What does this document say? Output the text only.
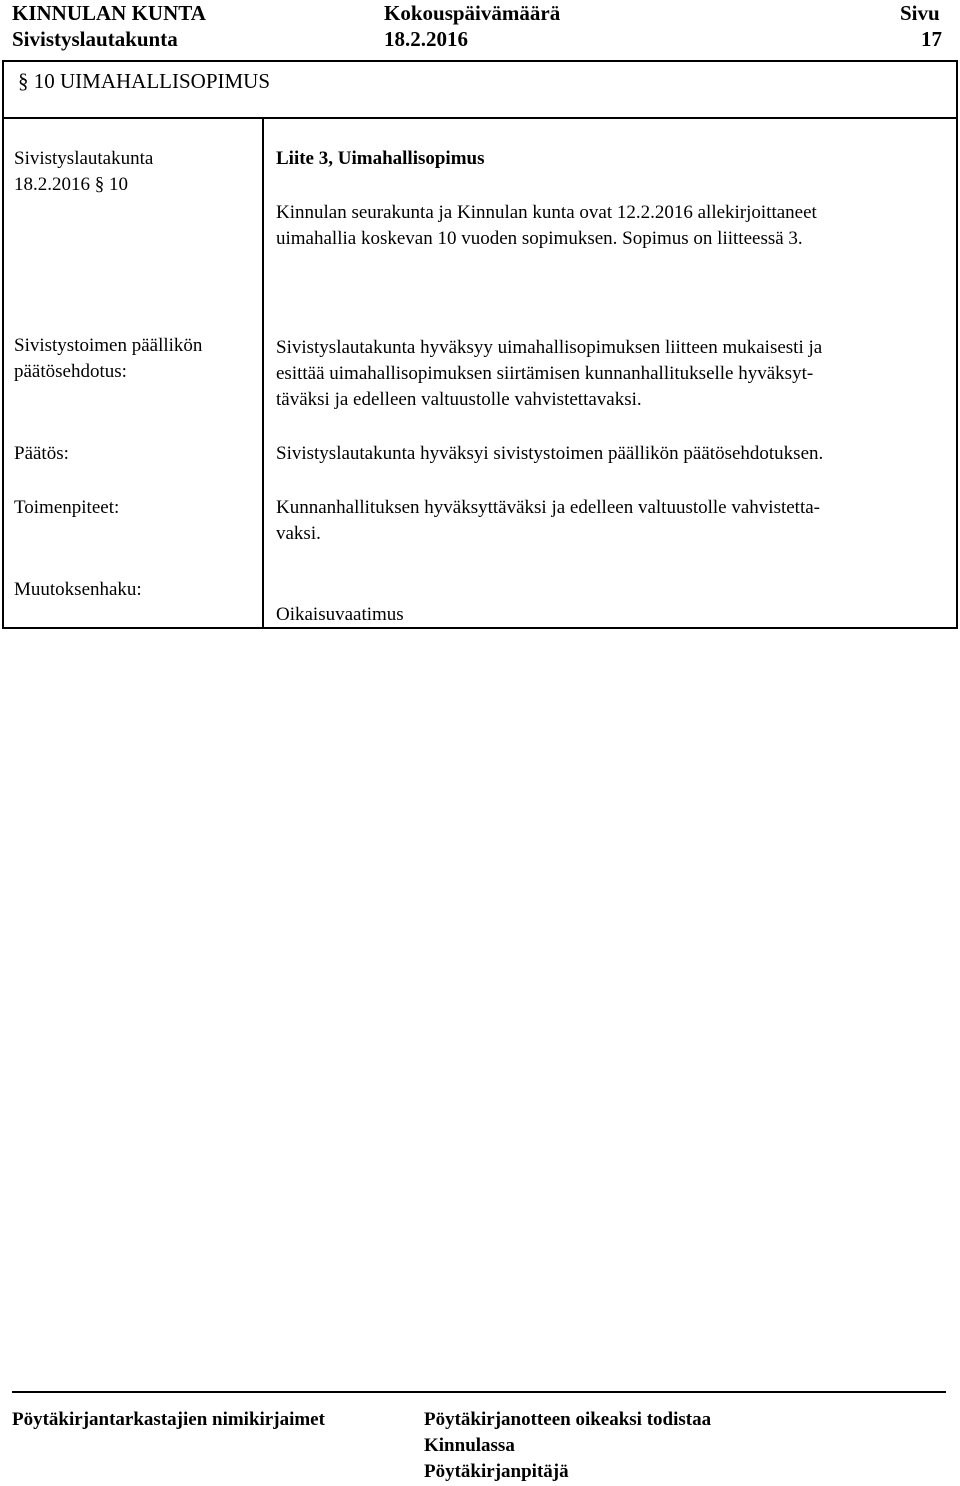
KINNULAN KUNTA
Sivistyslautakunta
Kokouspäivämäärä
18.2.2016
Sivu
17
§ 10 UIMAHALLISOPIMUS
Sivistyslautakunta
18.2.2016 § 10
Sivistystoimen päällikön
päätösehdotus:
Päätös:
Toimenpiteet:
Muutoksenhaku:
Liite 3, Uimahallisopimus
Kinnulan seurakunta ja Kinnulan kunta ovat 12.2.2016 allekirjoittaneet
uimahallia koskevan 10 vuoden sopimuksen. Sopimus on liitteessä 3.
Sivistyslautakunta hyväksyy uimahallisopimuksen liitteen mukaisesti ja
esittää uimahallisopimuksen siirtämisen kunnanhallitukselle hyväksyt-
täväksi ja edelleen valtuustolle vahvistettavaksi.
Sivistyslautakunta hyväksyi sivistystoimen päällikön päätösehdotuksen.
Kunnanhallituksen hyväksyttäväksi ja edelleen valtuustolle vahvistetta-
vaksi.
Oikaisuvaatimus
Pöytäkirjantarkastajien nimikirjaimet	Pöytäkirjanotteen oikeaksi todistaa
Kinnulassa
Pöytäkirjanpitäjä
